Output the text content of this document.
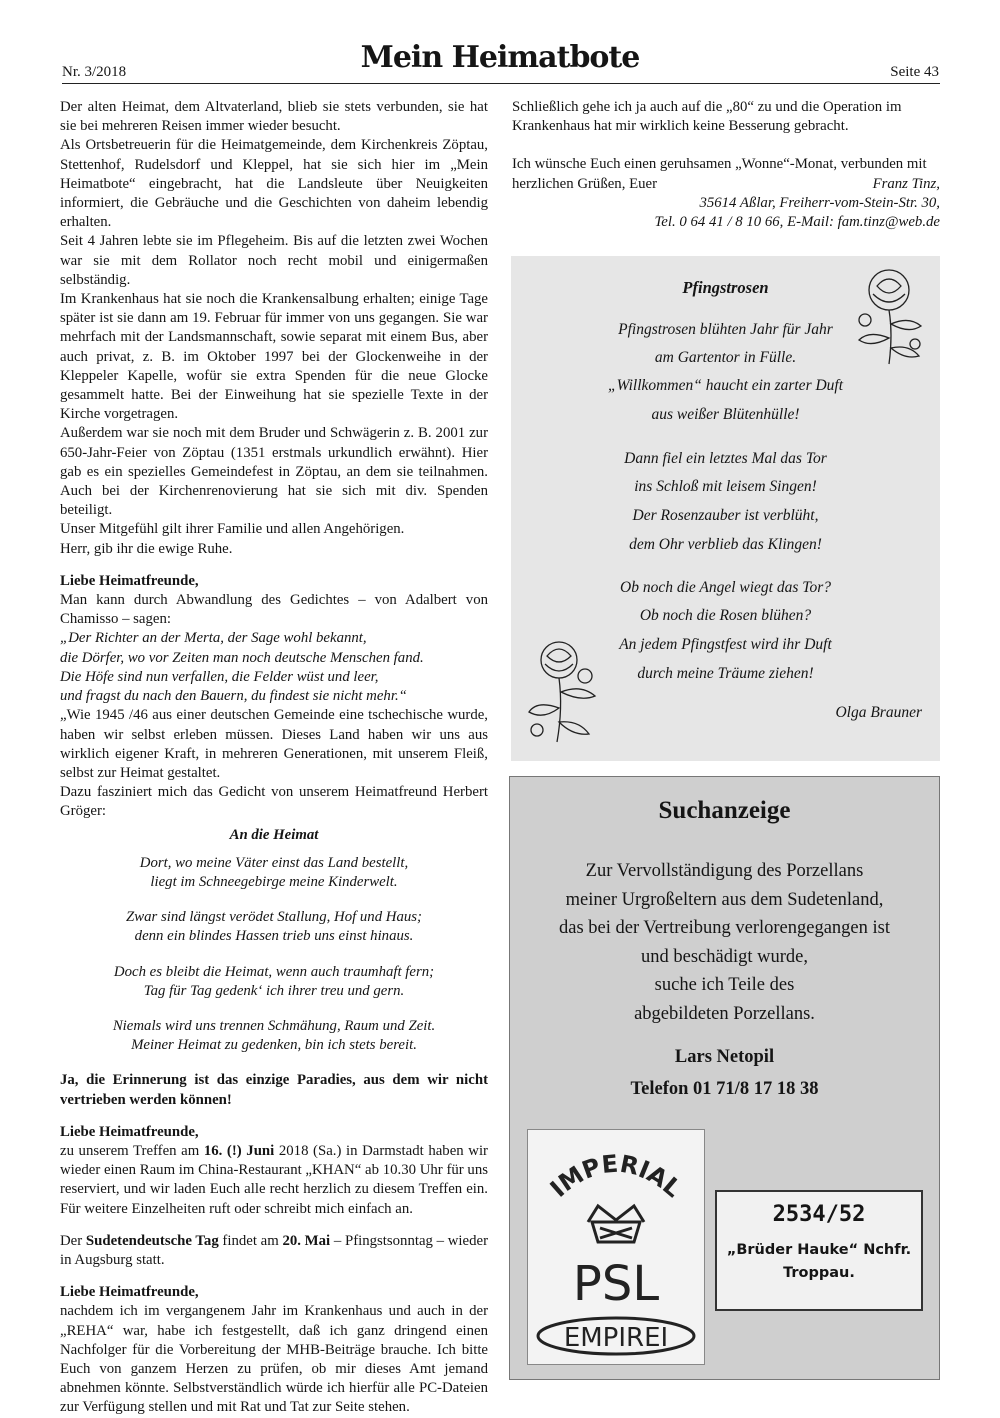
Nr. 3/2018	Mein Heimatbote	Seite 43

Der alten Heimat, dem Altvaterland, blieb sie stets verbunden, sie hat sie bei mehreren Reisen immer wieder besucht.

Als Ortsbetreuerin für die Heimatgemeinde, dem Kirchenkreis Zöptau, Stettenhof, Rudelsdorf und Kleppel, hat sie sich hier im „Mein Heimatbote“ eingebracht, hat die Landsleute über Neuigkeiten informiert, die Gebräuche und die Geschichten von daheim lebendig erhalten.

Seit 4 Jahren lebte sie im Pflegeheim. Bis auf die letzten zwei Wochen war sie mit dem Rollator noch recht mobil und einigermaßen selbständig.

Im Krankenhaus hat sie noch die Krankensalbung erhalten; einige Tage später ist sie dann am 19. Februar für immer von uns gegangen. Sie war mehrfach mit der Landsmannschaft, sowie separat mit einem Bus, aber auch privat, z. B. im Oktober 1997 bei der Glockenweihe in der Kleppeler Kapelle, wofür sie extra Spenden für die neue Glocke gesammelt hatte. Bei der Einweihung hat sie spezielle Texte in der Kirche vorgetragen.

Außerdem war sie noch mit dem Bruder und Schwägerin z. B. 2001 zur 650-Jahr-Feier von Zöptau (1351 erstmals urkundlich erwähnt). Hier gab es ein spezielles Gemeindefest in Zöptau, an dem sie teilnahmen. Auch bei der Kirchenrenovierung hat sie sich mit div. Spenden beteiligt.

Unser Mitgefühl gilt ihrer Familie und allen Angehörigen.

Herr, gib ihr die ewige Ruhe.

Liebe Heimatfreunde,

Man kann durch Abwandlung des Gedichtes – von Adalbert von Chamisso – sagen:

„Der Richter an der Merta, der Sage wohl bekannt,

die Dörfer, wo vor Zeiten man noch deutsche Menschen fand.

Die Höfe sind nun verfallen, die Felder wüst und leer,

und fragst du nach den Bauern, du findest sie nicht mehr.“

„Wie 1945 /46 aus einer deutschen Gemeinde eine tschechische wurde, haben wir selbst erleben müssen. Dieses Land haben wir uns aus wirklich eigener Kraft, in mehreren Generationen, mit unserem Fleiß, selbst zur Heimat gestaltet.

Dazu fasziniert mich das Gedicht von unserem Heimatfreund Herbert Gröger:

An die Heimat

Dort, wo meine Väter einst das Land bestellt,
liegt im Schneegebirge meine Kinderwelt.

Zwar sind längst verödet Stallung, Hof und Haus;
denn ein blindes Hassen trieb uns einst hinaus.

Doch es bleibt die Heimat, wenn auch traumhaft fern;
Tag für Tag gedenk‘ ich ihrer treu und gern.

Niemals wird uns trennen Schmähung, Raum und Zeit.
Meiner Heimat zu gedenken, bin ich stets bereit.

Ja, die Erinnerung ist das einzige Paradies, aus dem wir nicht vertrieben werden können!

Liebe Heimatfreunde,

zu unserem Treffen am 16. (!) Juni 2018 (Sa.) in Darmstadt haben wir wieder einen Raum im China-Restaurant „KHAN“ ab 10.30 Uhr für uns reserviert, und wir laden Euch alle recht herzlich zu diesem Treffen ein. Für weitere Einzelheiten ruft oder schreibt mich einfach an.

Der Sudetendeutsche Tag findet am 20. Mai – Pfingstsonntag – wieder in Augsburg statt.

Liebe Heimatfreunde,

nachdem ich im vergangenem Jahr im Krankenhaus und auch in der „REHA“ war, habe ich festgestellt, daß ich ganz dringend einen Nachfolger für die Vorbereitung der MHB-Beiträge brauche. Ich bitte Euch von ganzem Herzen zu prüfen, ob mir dieses Amt jemand abnehmen könnte. Selbstverständlich würde ich hierfür alle PC-Dateien zur Verfügung stellen und mit Rat und Tat zur Seite stehen.

Schließlich gehe ich ja auch auf die „80“ zu und die Operation im Krankenhaus hat mir wirklich keine Besserung gebracht.

Ich wünsche Euch einen geruhsamen „Wonne“-Monat, verbunden mit herzlichen Grüßen, Euer	Franz Tinz,

35614 Aßlar, Freiherr-vom-Stein-Str. 30,

Tel. 0 64 41 / 8 10 66, E-Mail: fam.tinz@web.de

Pfingstrosen
Pfingstrosen blühten Jahr für Jahr
am Gartentor in Fülle.
„Willkommen“ haucht ein zarter Duft
aus weißer Blütenhülle!
Dann fiel ein letztes Mal das Tor
ins Schloß mit leisem Singen!
Der Rosenzauber ist verblüht,
dem Ohr verblieb das Klingen!
Ob noch die Angel wiegt das Tor?
Ob noch die Rosen blühen?
An jedem Pfingstfest wird ihr Duft
durch meine Träume ziehen!
Olga Brauner
Suchanzeige
Zur Vervollständigung des Porzellans
meiner Urgroßeltern aus dem Sudetenland,
das bei der Vertreibung verlorengegangen ist
und beschädigt wurde,
suche ich Teile des
abgebildeten Porzellans.
Lars Netopil
Telefon 01 71/8 17 18 38
IMPERIAL
PSL
EMPIREI
2534/52
„Brüder Hauke“ Nchfr.
Troppau.
